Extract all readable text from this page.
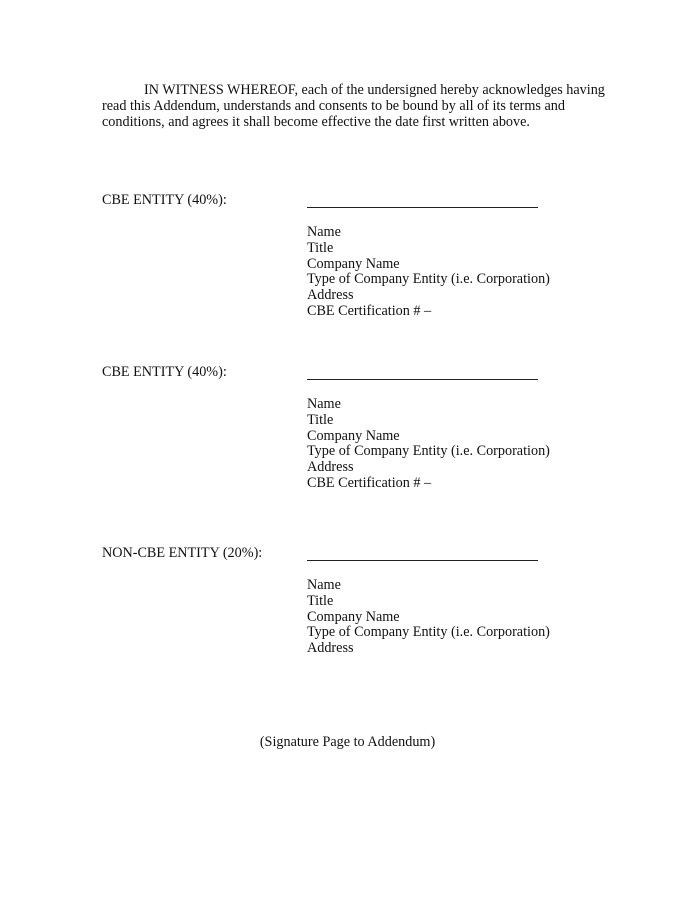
IN WITNESS WHEREOF, each of the undersigned hereby acknowledges having
read this Addendum, understands and consents to be bound by all of its terms and
conditions, and agrees it shall become effective the date first written above.
CBE ENTITY (40%):
Name
Title
Company Name
Type of Company Entity (i.e. Corporation)
Address
CBE Certification # –
CBE ENTITY (40%):
Name
Title
Company Name
Type of Company Entity (i.e. Corporation)
Address
CBE Certification # –
NON-CBE ENTITY (20%):
Name
Title
Company Name
Type of Company Entity (i.e. Corporation)
Address
(Signature Page to Addendum)
